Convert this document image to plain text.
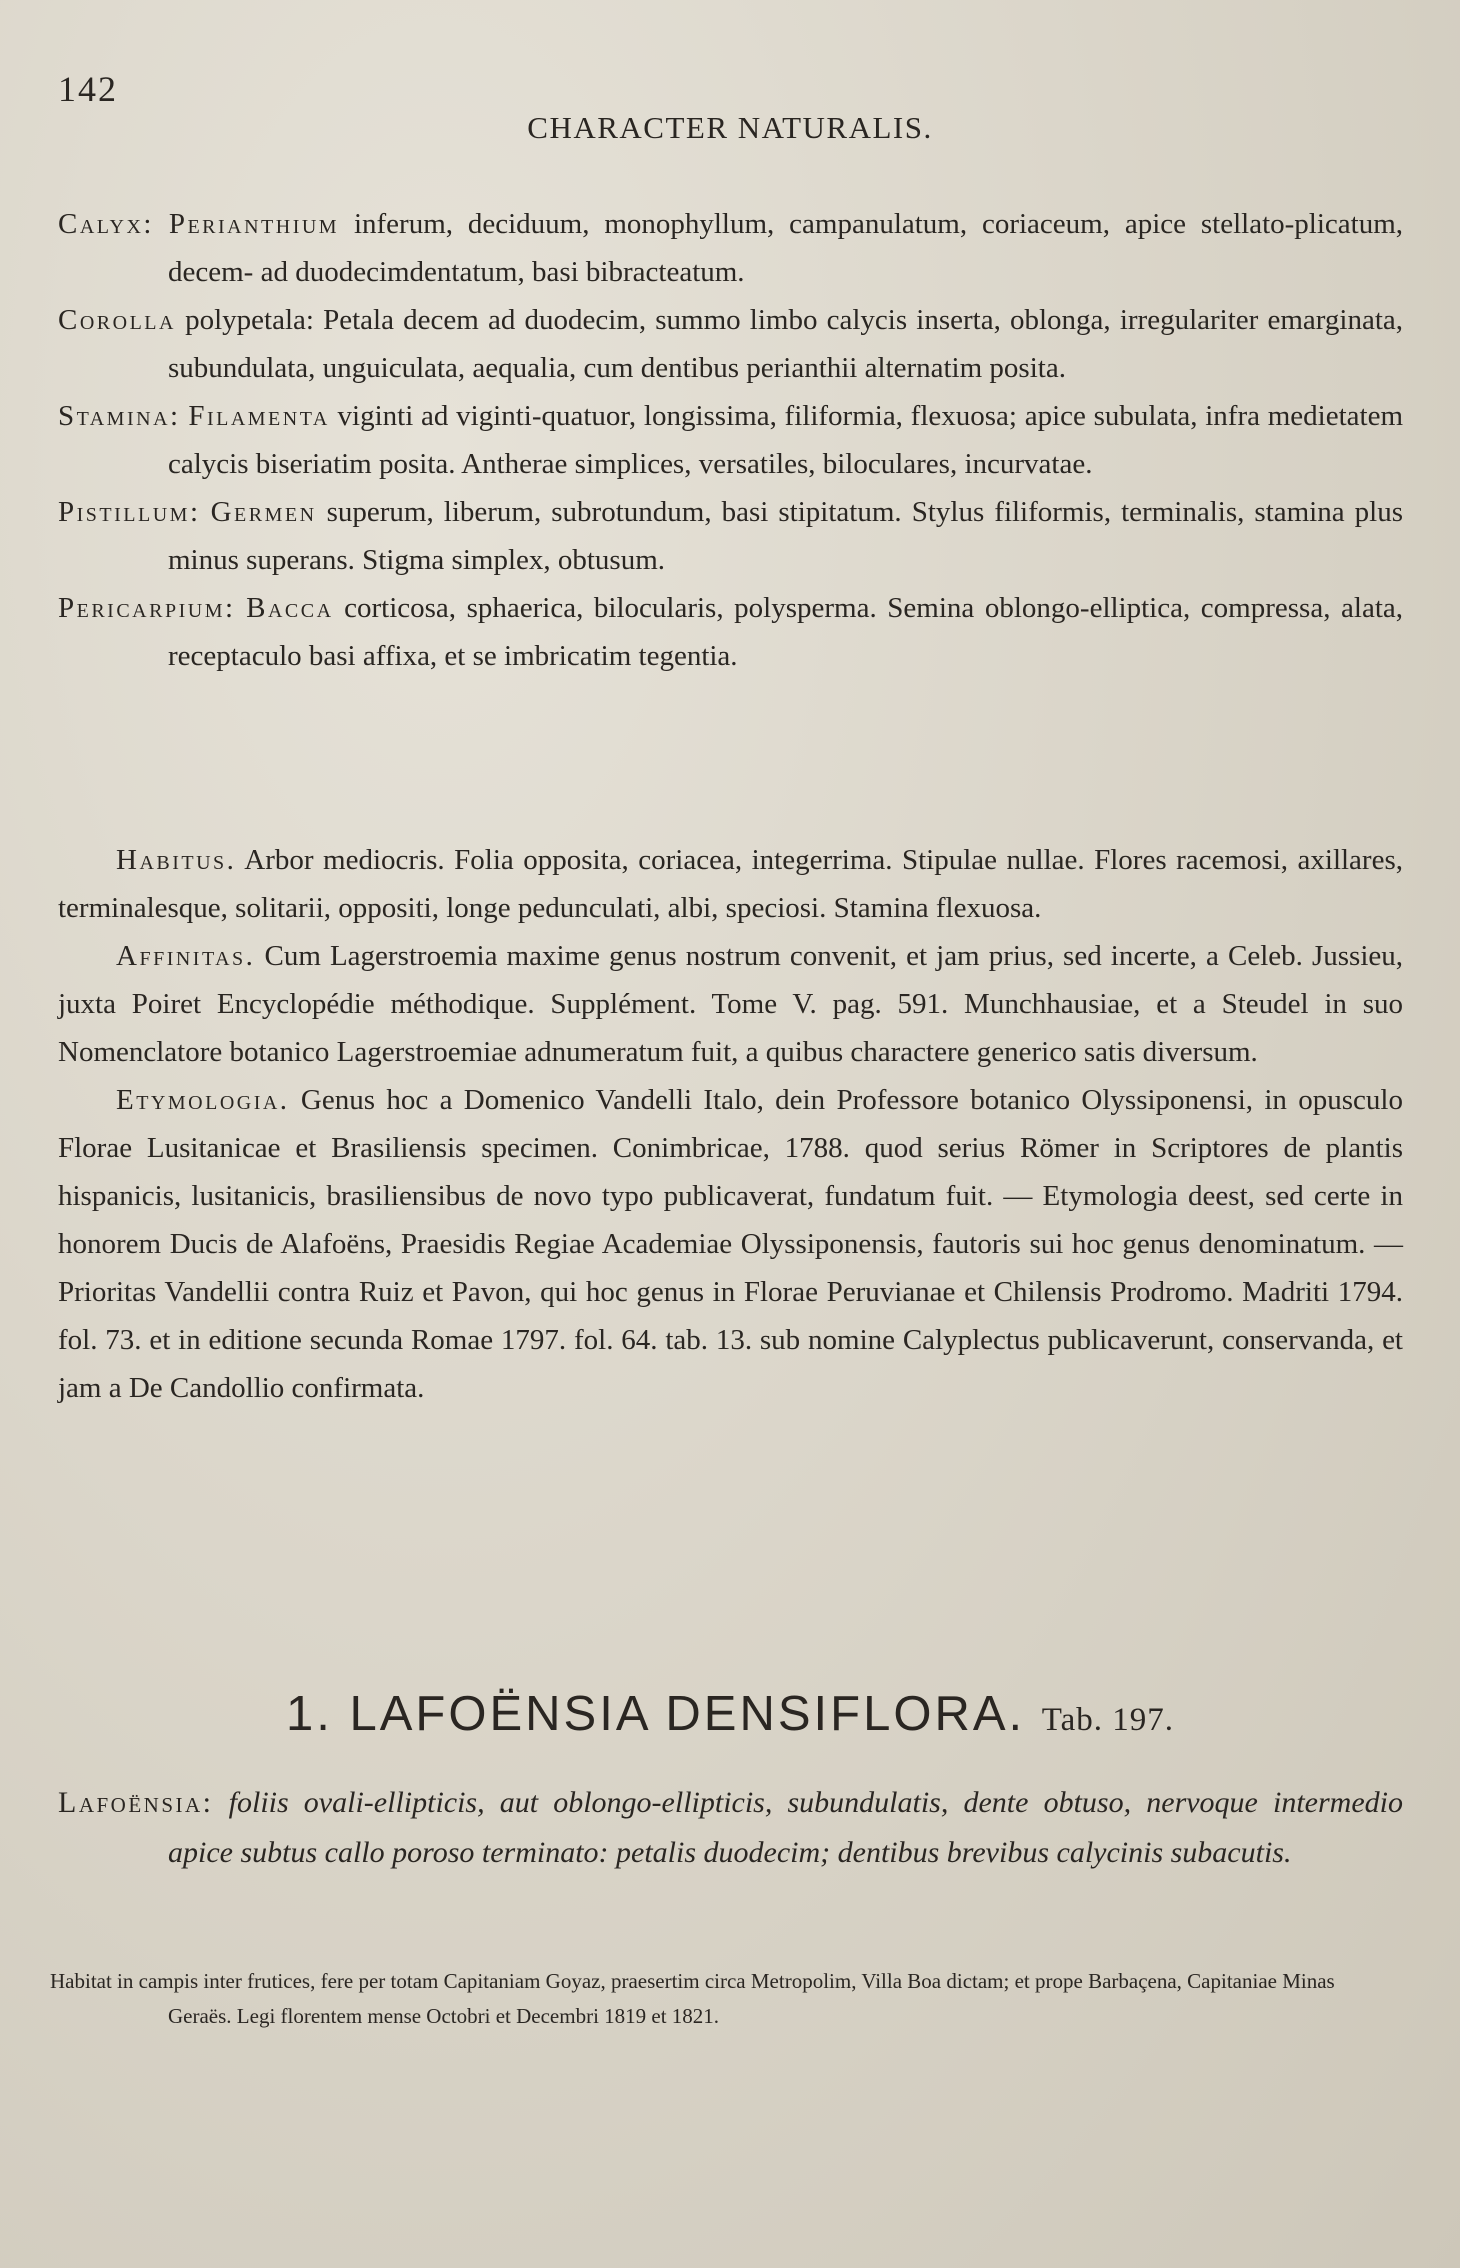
142
CHARACTER NATURALIS.

Calyx: Perianthium inferum, deciduum, monophyllum, campanulatum, coriaceum, apice stellato-plicatum, decem- ad duodecimdentatum, basi bibracteatum.

Corolla polypetala: Petala decem ad duodecim, summo limbo calycis inserta, oblonga, irregulariter emarginata, subundulata, unguiculata, aequalia, cum dentibus perianthii alternatim posita.

Stamina: Filamenta viginti ad viginti-quatuor, longissima, filiformia, flexuosa; apice subulata, infra medietatem calycis biseriatim posita. Antherae simplices, versatiles, biloculares, incurvatae.

Pistillum: Germen superum, liberum, subrotundum, basi stipitatum. Stylus filiformis, terminalis, stamina plus minus superans. Stigma simplex, obtusum.

Pericarpium: Bacca corticosa, sphaerica, bilocularis, polysperma. Semina oblongo-elliptica, compressa, alata, receptaculo basi affixa, et se imbricatim tegentia.

Habitus. Arbor mediocris. Folia opposita, coriacea, integerrima. Stipulae nullae. Flores racemosi, axillares, terminalesque, solitarii, oppositi, longe pedunculati, albi, speciosi. Stamina flexuosa.

Affinitas. Cum Lagerstroemia maxime genus nostrum convenit, et jam prius, sed incerte, a Celeb. Jussieu, juxta Poiret Encyclopédie méthodique. Supplément. Tome V. pag. 591. Munchhausiae, et a Steudel in suo Nomenclatore botanico Lagerstroemiae adnumeratum fuit, a quibus charactere generico satis diversum.

Etymologia. Genus hoc a Domenico Vandelli Italo, dein Professore botanico Olyssiponensi, in opusculo Florae Lusitanicae et Brasiliensis specimen. Conimbricae, 1788. quod serius Römer in Scriptores de plantis hispanicis, lusitanicis, brasiliensibus de novo typo publicaverat, fundatum fuit. — Etymologia deest, sed certe in honorem Ducis de Alafoëns, Praesidis Regiae Academiae Olyssiponensis, fautoris sui hoc genus denominatum. — Prioritas Vandellii contra Ruiz et Pavon, qui hoc genus in Florae Peruvianae et Chilensis Prodromo. Madriti 1794. fol. 73. et in editione secunda Romae 1797. fol. 64. tab. 13. sub nomine Calyplectus publicaverunt, conservanda, et jam a De Candollio confirmata.

1. LAFOËNSIA DENSIFLORA. Tab. 197.

Lafoënsia: foliis ovali-ellipticis, aut oblongo-ellipticis, subundulatis, dente obtuso, nervoque intermedio apice subtus callo poroso terminato: petalis duodecim; dentibus brevibus calycinis subacutis.

Habitat in campis inter frutices, fere per totam Capitaniam Goyaz, praesertim circa Metropolim, Villa Boa dictam; et prope Barbaçena, Capitaniae Minas Geraës. Legi florentem mense Octobri et Decembri 1819 et 1821.
